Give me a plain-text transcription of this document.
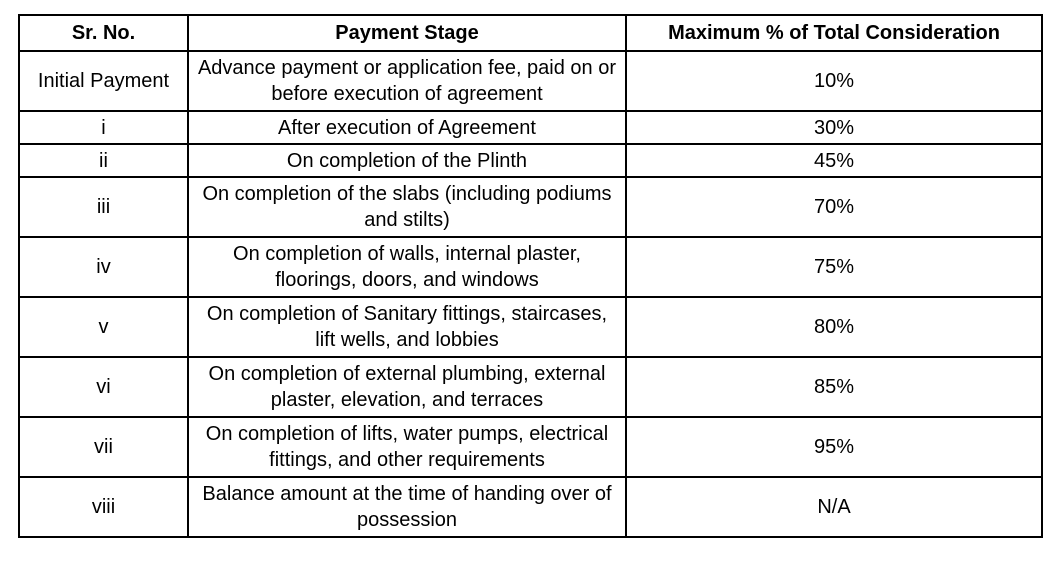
Sr. No.	Payment Stage	Maximum % of Total Consideration
Initial Payment	Advance payment or application fee, paid on or before execution of agreement	10%
i	After execution of Agreement	30%
ii	On completion of the Plinth	45%
iii	On completion of the slabs (including podiums and stilts)	70%
iv	On completion of walls, internal plaster, floorings, doors, and windows	75%
v	On completion of Sanitary fittings, staircases, lift wells, and lobbies	80%
vi	On completion of external plumbing, external plaster, elevation, and terraces	85%
vii	On completion of lifts, water pumps, electrical fittings, and other requirements	95%
viii	Balance amount at the time of handing over of possession	N/A
